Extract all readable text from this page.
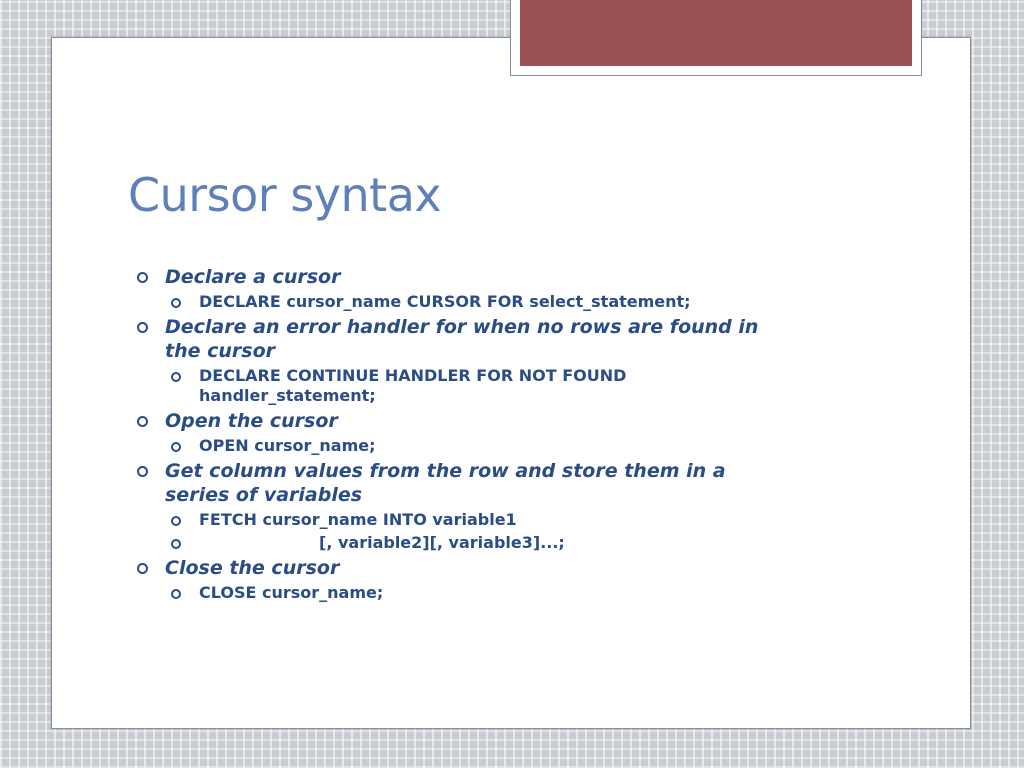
Cursor syntax
Declare a cursor
DECLARE cursor_name CURSOR FOR select_statement;
Declare an error handler for when no rows are found in the cursor
DECLARE CONTINUE HANDLER FOR NOT FOUND handler_statement;
Open the cursor
OPEN cursor_name;
Get column values from the row and store them in a series of variables
FETCH cursor_name INTO variable1
[, variable2][, variable3]...;
Close the cursor
CLOSE cursor_name;
